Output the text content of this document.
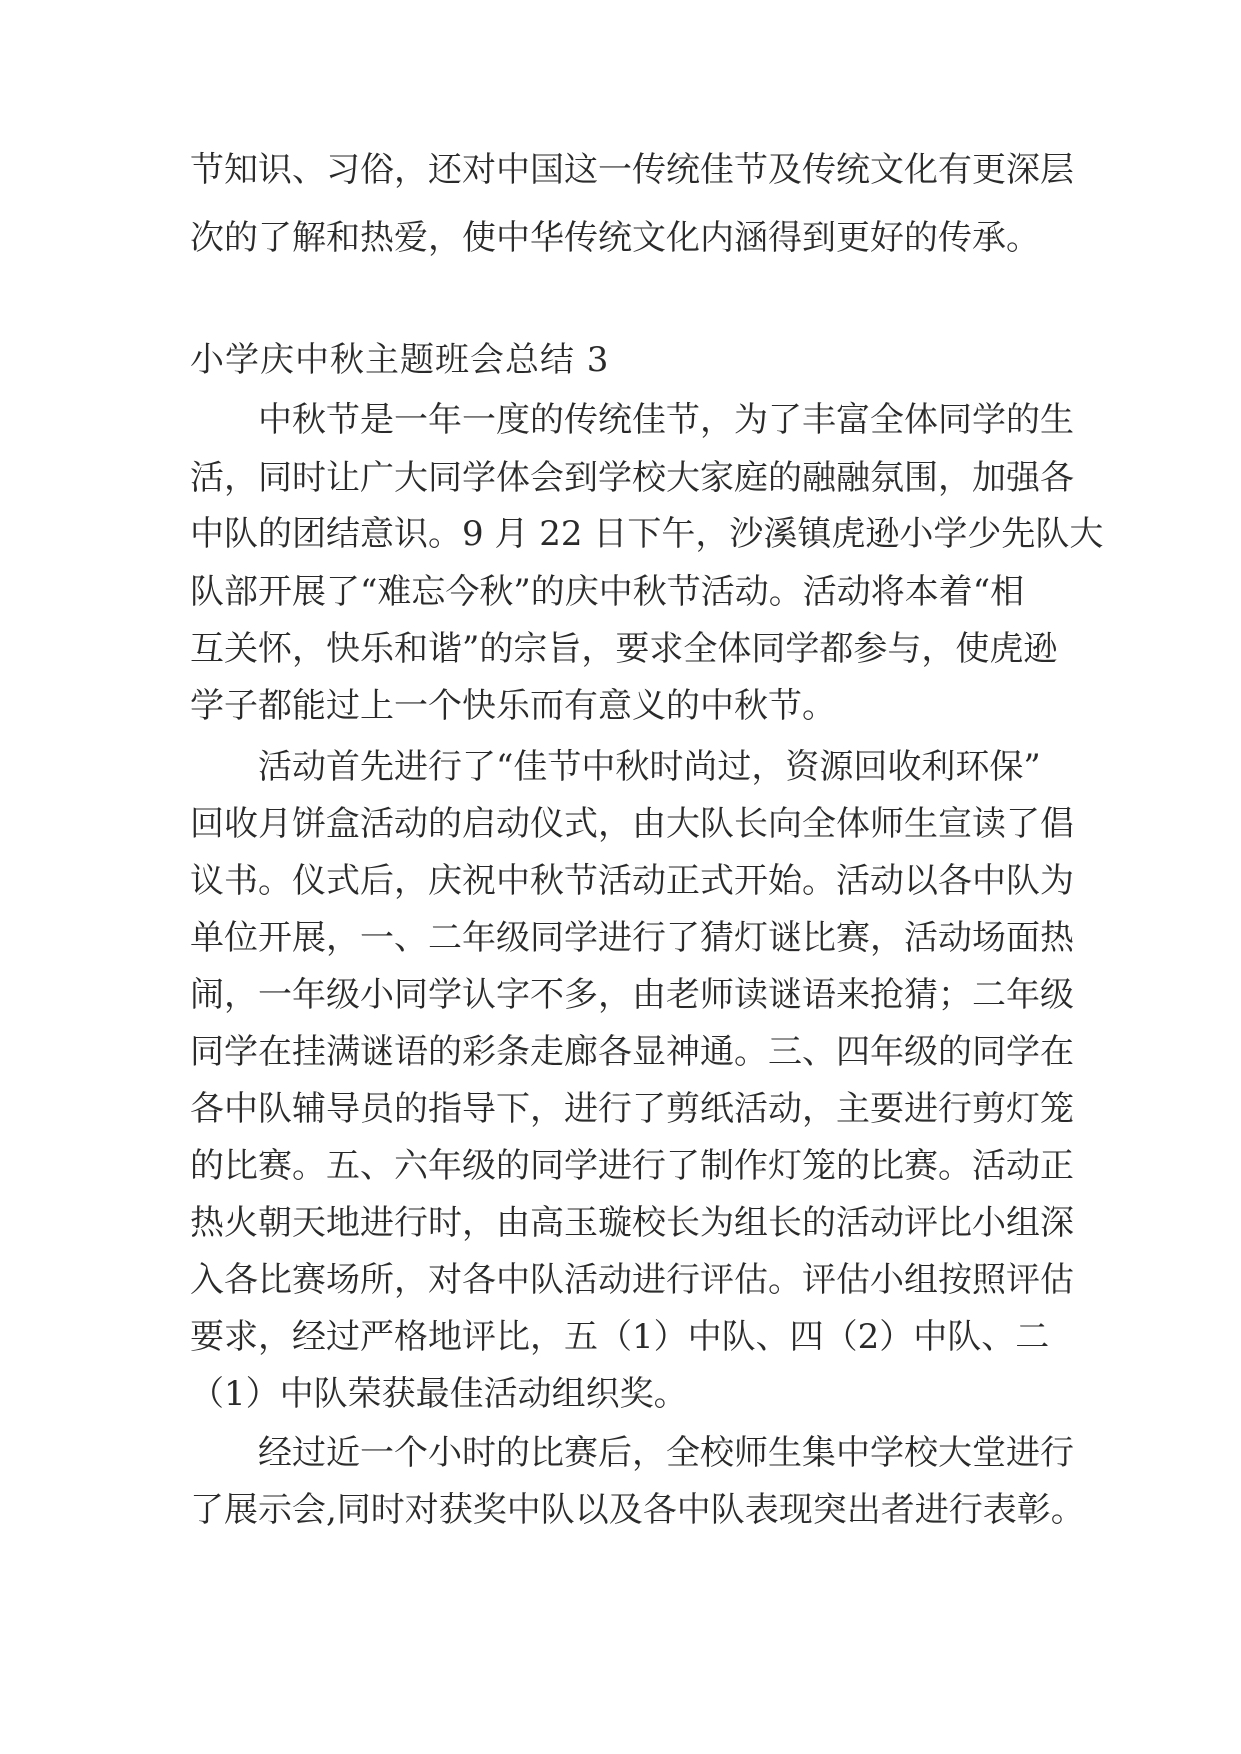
节知识、习俗，还对中国这一传统佳节及传统文化有更深层
次的了解和热爱，使中华传统文化内涵得到更好的传承。
小学庆中秋主题班会总结 3
中秋节是一年一度的传统佳节，为了丰富全体同学的生
活，同时让广大同学体会到学校大家庭的融融氛围，加强各
中队的团结意识。9 月 22 日下午，沙溪镇虎逊小学少先队大
队部开展了“难忘今秋”的庆中秋节活动。活动将本着“相
互关怀，快乐和谐”的宗旨，要求全体同学都参与，使虎逊
学子都能过上一个快乐而有意义的中秋节。
活动首先进行了“佳节中秋时尚过，资源回收利环保”
回收月饼盒活动的启动仪式，由大队长向全体师生宣读了倡
议书。仪式后，庆祝中秋节活动正式开始。活动以各中队为
单位开展，一、二年级同学进行了猜灯谜比赛，活动场面热
闹，一年级小同学认字不多，由老师读谜语来抢猜；二年级
同学在挂满谜语的彩条走廊各显神通。三、四年级的同学在
各中队辅导员的指导下，进行了剪纸活动，主要进行剪灯笼
的比赛。五、六年级的同学进行了制作灯笼的比赛。活动正
热火朝天地进行时，由高玉璇校长为组长的活动评比小组深
入各比赛场所，对各中队活动进行评估。评估小组按照评估
要求，经过严格地评比，五（1）中队、四（2）中队、二
（1）中队荣获最佳活动组织奖。
经过近一个小时的比赛后，全校师生集中学校大堂进行
了展示会,同时对获奖中队以及各中队表现突出者进行表彰。
